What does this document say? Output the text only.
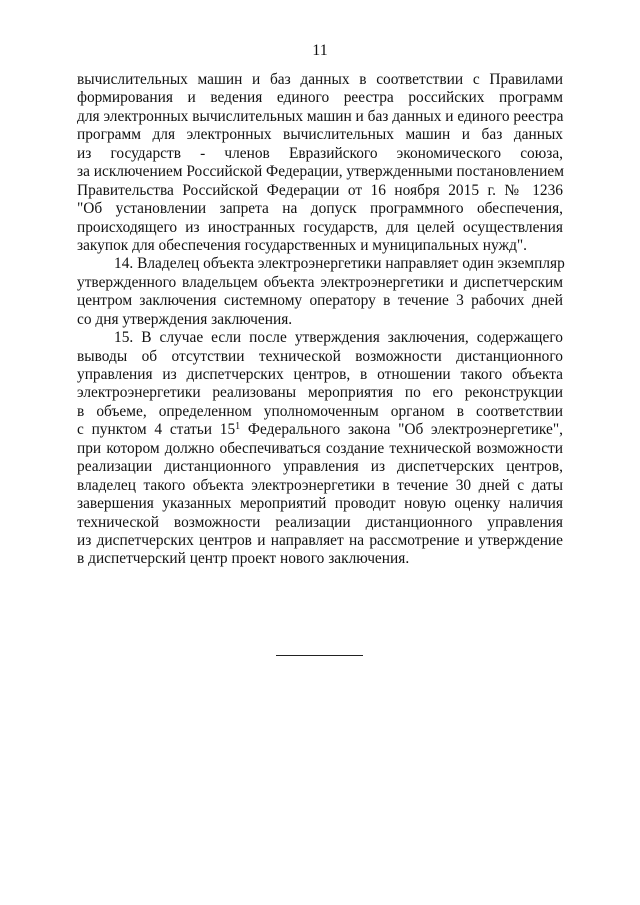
11
вычислительных машин и баз данных в соответствии с Правилами
формирования и ведения единого реестра российских программ
для электронных вычислительных машин и баз данных и единого реестра
программ для электронных вычислительных машин и баз данных
из государств - членов Евразийского экономического союза,
за исключением Российской Федерации, утвержденными постановлением
Правительства Российской Федерации от 16 ноября 2015 г. № 1236
"Об установлении запрета на допуск программного обеспечения,
происходящего из иностранных государств, для целей осуществления
закупок для обеспечения государственных и муниципальных нужд".
14. Владелец объекта электроэнергетики направляет один экземпляр
утвержденного владельцем объекта электроэнергетики и диспетчерским
центром заключения системному оператору в течение 3 рабочих дней
со дня утверждения заключения.
15. В случае если после утверждения заключения, содержащего
выводы об отсутствии технической возможности дистанционного
управления из диспетчерских центров, в отношении такого объекта
электроэнергетики реализованы мероприятия по его реконструкции
в объеме, определенном уполномоченным органом в соответствии
с пунктом 4 статьи $15^1$ Федерального закона "Об электроэнергетике",
при котором должно обеспечиваться создание технической возможности
реализации дистанционного управления из диспетчерских центров,
владелец такого объекта электроэнергетики в течение 30 дней с даты
завершения указанных мероприятий проводит новую оценку наличия
технической возможности реализации дистанционного управления
из диспетчерских центров и направляет на рассмотрение и утверждение
в диспетчерский центр проект нового заключения.
